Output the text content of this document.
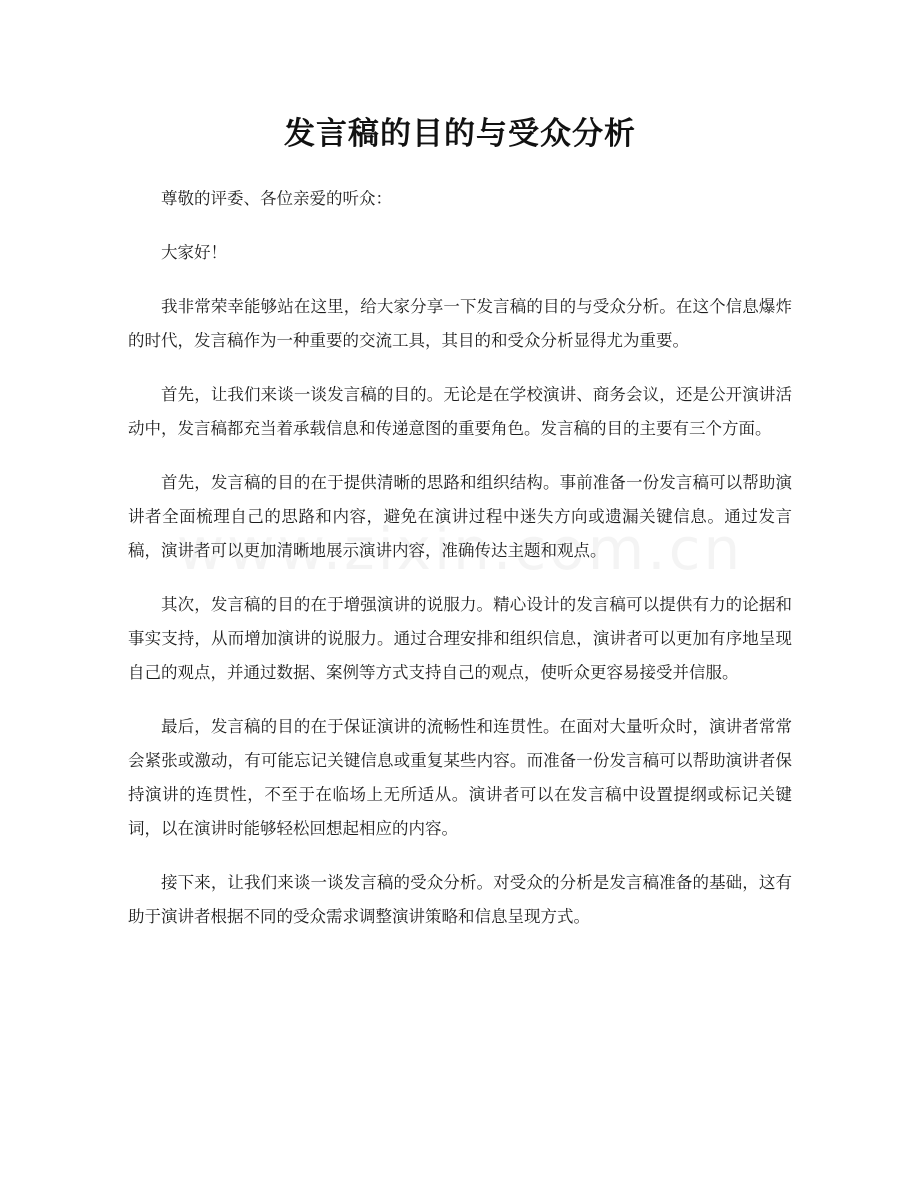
发言稿的目的与受众分析

尊敬的评委、各位亲爱的听众：

大家好！

我非常荣幸能够站在这里，给大家分享一下发言稿的目的与受众分析。在这个信息爆炸的时代，发言稿作为一种重要的交流工具，其目的和受众分析显得尤为重要。

首先，让我们来谈一谈发言稿的目的。无论是在学校演讲、商务会议，还是公开演讲活动中，发言稿都充当着承载信息和传递意图的重要角色。发言稿的目的主要有三个方面。

首先，发言稿的目的在于提供清晰的思路和组织结构。事前准备一份发言稿可以帮助演讲者全面梳理自己的思路和内容，避免在演讲过程中迷失方向或遗漏关键信息。通过发言稿，演讲者可以更加清晰地展示演讲内容，准确传达主题和观点。

其次，发言稿的目的在于增强演讲的说服力。精心设计的发言稿可以提供有力的论据和事实支持，从而增加演讲的说服力。通过合理安排和组织信息，演讲者可以更加有序地呈现自己的观点，并通过数据、案例等方式支持自己的观点，使听众更容易接受并信服。

最后，发言稿的目的在于保证演讲的流畅性和连贯性。在面对大量听众时，演讲者常常会紧张或激动，有可能忘记关键信息或重复某些内容。而准备一份发言稿可以帮助演讲者保持演讲的连贯性，不至于在临场上无所适从。演讲者可以在发言稿中设置提纲或标记关键词，以在演讲时能够轻松回想起相应的内容。

接下来，让我们来谈一谈发言稿的受众分析。对受众的分析是发言稿准备的基础，这有助于演讲者根据不同的受众需求调整演讲策略和信息呈现方式。
